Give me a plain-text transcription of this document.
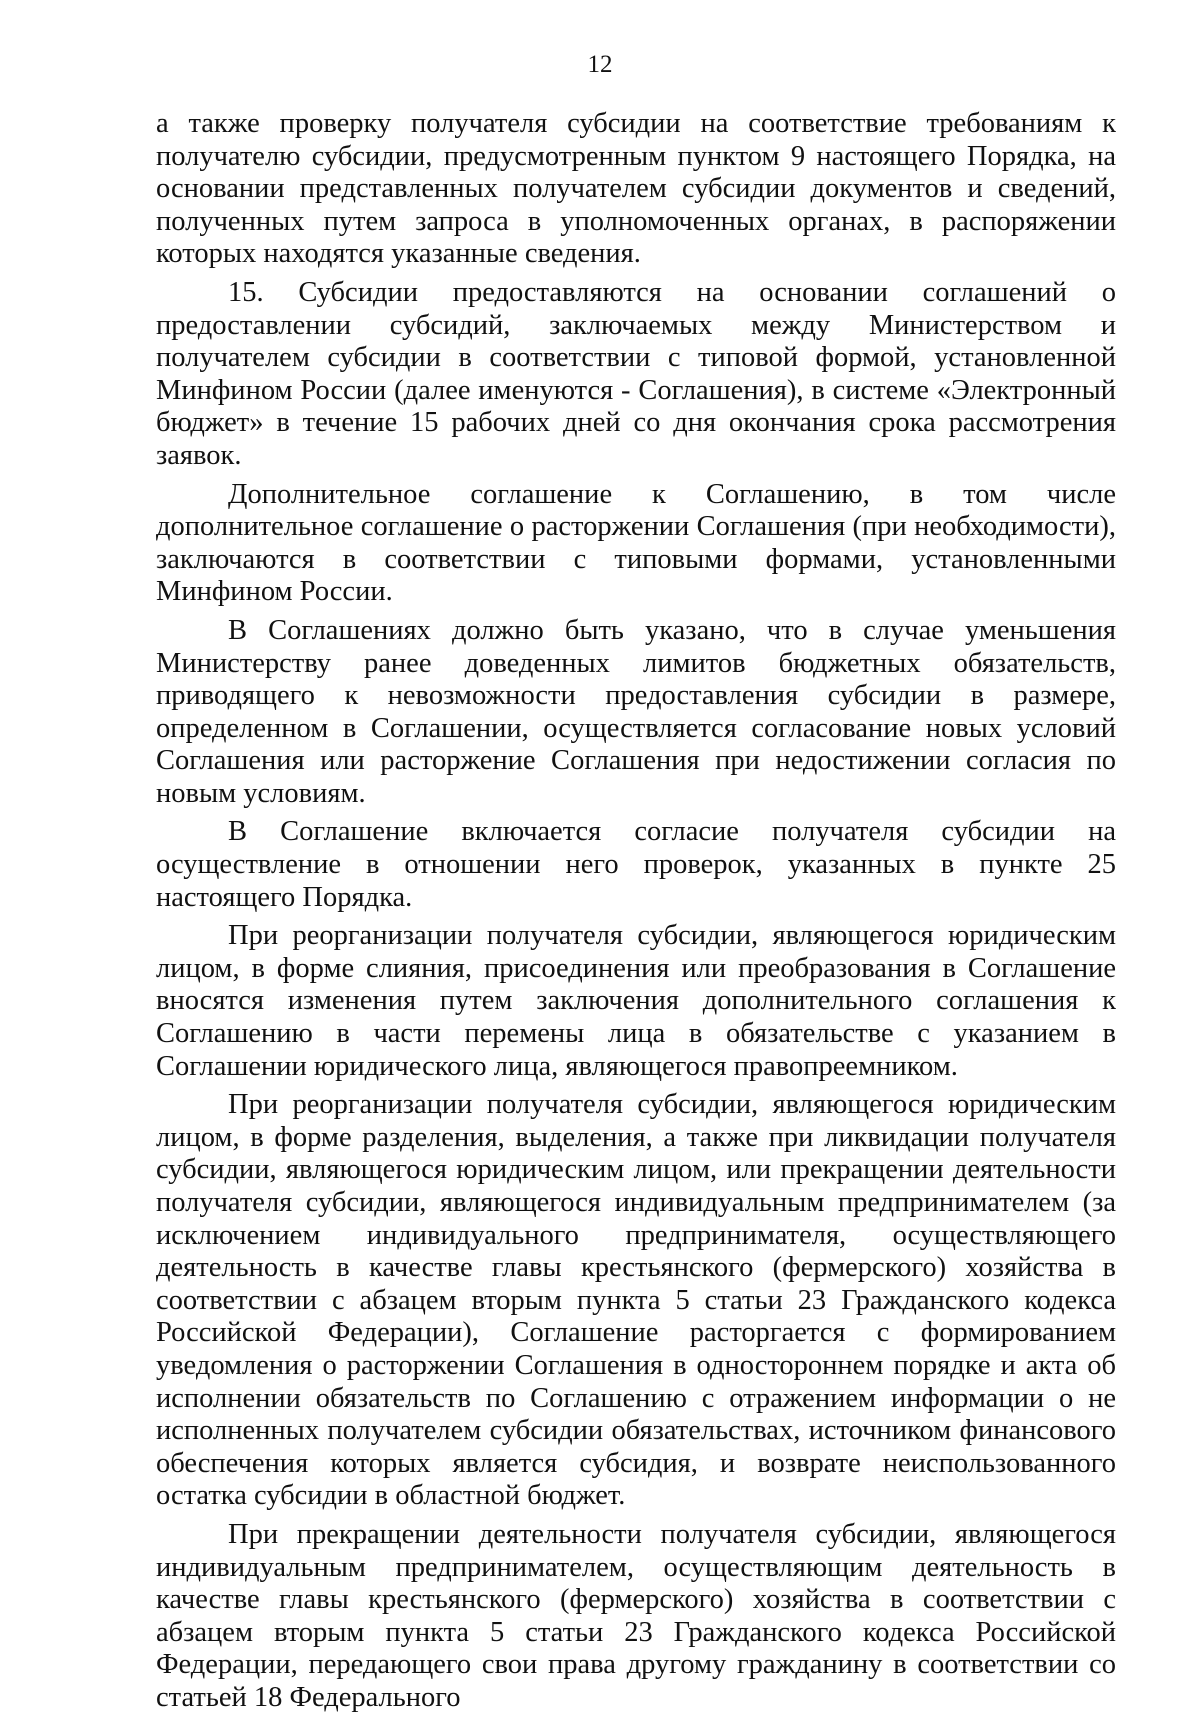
12

а также проверку получателя субсидии на соответствие требованиям к получателю субсидии, предусмотренным пунктом 9 настоящего Порядка, на основании представленных получателем субсидии документов и сведений, полученных путем запроса в уполномоченных органах, в распоряжении которых находятся указанные сведения.

15. Субсидии предоставляются на основании соглашений о предоставлении субсидий, заключаемых между Министерством и получателем субсидии в соответствии с типовой формой, установленной Минфином России (далее именуются - Соглашения), в системе «Электронный бюджет» в течение 15 рабочих дней со дня окончания срока рассмотрения заявок.

Дополнительное соглашение к Соглашению, в том числе дополнительное соглашение о расторжении Соглашения (при необходимости), заключаются в соответствии с типовыми формами, установленными Минфином России.

В Соглашениях должно быть указано, что в случае уменьшения Министерству ранее доведенных лимитов бюджетных обязательств, приводящего к невозможности предоставления субсидии в размере, определенном в Соглашении, осуществляется согласование новых условий Соглашения или расторжение Соглашения при недостижении согласия по новым условиям.

В Соглашение включается согласие получателя субсидии на осуществление в отношении него проверок, указанных в пункте 25 настоящего Порядка.

При реорганизации получателя субсидии, являющегося юридическим лицом, в форме слияния, присоединения или преобразования в Соглашение вносятся изменения путем заключения дополнительного соглашения к Соглашению в части перемены лица в обязательстве с указанием в Соглашении юридического лица, являющегося правопреемником.

При реорганизации получателя субсидии, являющегося юридическим лицом, в форме разделения, выделения, а также при ликвидации получателя субсидии, являющегося юридическим лицом, или прекращении деятельности получателя субсидии, являющегося индивидуальным предпринимателем (за исключением индивидуального предпринимателя, осуществляющего деятельность в качестве главы крестьянского (фермерского) хозяйства в соответствии с абзацем вторым пункта 5 статьи 23 Гражданского кодекса Российской Федерации), Соглашение расторгается с формированием уведомления о расторжении Соглашения в одностороннем порядке и акта об исполнении обязательств по Соглашению с отражением информации о не исполненных получателем субсидии обязательствах, источником финансового обеспечения которых является субсидия, и возврате неиспользованного остатка субсидии в областной бюджет.

При прекращении деятельности получателя субсидии, являющегося индивидуальным предпринимателем, осуществляющим деятельность в качестве главы крестьянского (фермерского) хозяйства в соответствии с абзацем вторым пункта 5 статьи 23 Гражданского кодекса Российской Федерации, передающего свои права другому гражданину в соответствии со статьей 18 Федерального
